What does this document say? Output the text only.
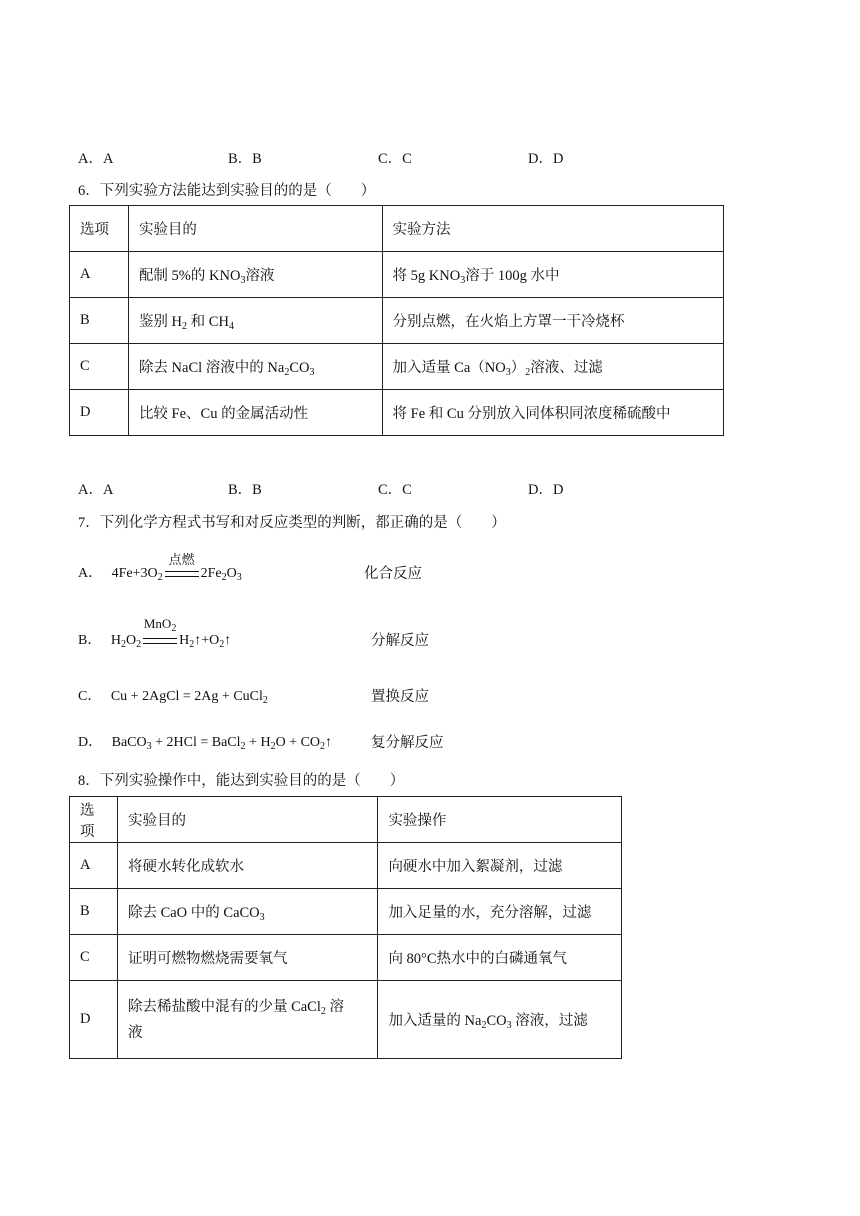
A．A	B．B	C．C	D．D
6．下列实验方法能达到实验目的的是（　　）
选项	实验目的	实验方法
A	配制 5%的 $KNO_3$溶液	将 5g $KNO_3$溶于 100g 水中
B	鉴别 $H_2$ 和 $CH_4$	分别点燃，在火焰上方罩一干冷烧杯
C	除去 NaCl 溶液中的 $Na_2CO_3$	加入适量 $Ca(NO_3)_2$溶液、过滤
D	比较 Fe、Cu 的金属活动性	将 Fe 和 Cu 分别放入同体积同浓度稀硫酸中
A．A	B．B	C．C	D．D
7．下列化学方程式书写和对反应类型的判断，都正确的是（　　）
A． $4Fe+3O_2$
点燃
$2Fe_2O_3$	化合反应
B． $H_2O_2$
MnO$_2$
$H_2↑+O_2↑$	分解反应
C． Cu + 2AgCl = 2Ag + CuCl$_2$	置换反应
D． BaCO$_3$ + 2HCl = BaCl$_2$ + $H_2O$ + $CO_2↑$	复分解反应
8．下列实验操作中，能达到实验目的的是（　　）
选项	实验目的	实验操作
A	将硬水转化成软水	向硬水中加入絮凝剂，过滤
B	除去 CaO 中的 CaCO$_3$	加入足量的水，充分溶解，过滤
C	证明可燃物燃烧需要氧气	向 80°C热水中的白磷通氧气
D	除去稀盐酸中混有的少量 CaCl$_2$ 溶
液	加入适量的 $Na_2CO_3$ 溶液，过滤
